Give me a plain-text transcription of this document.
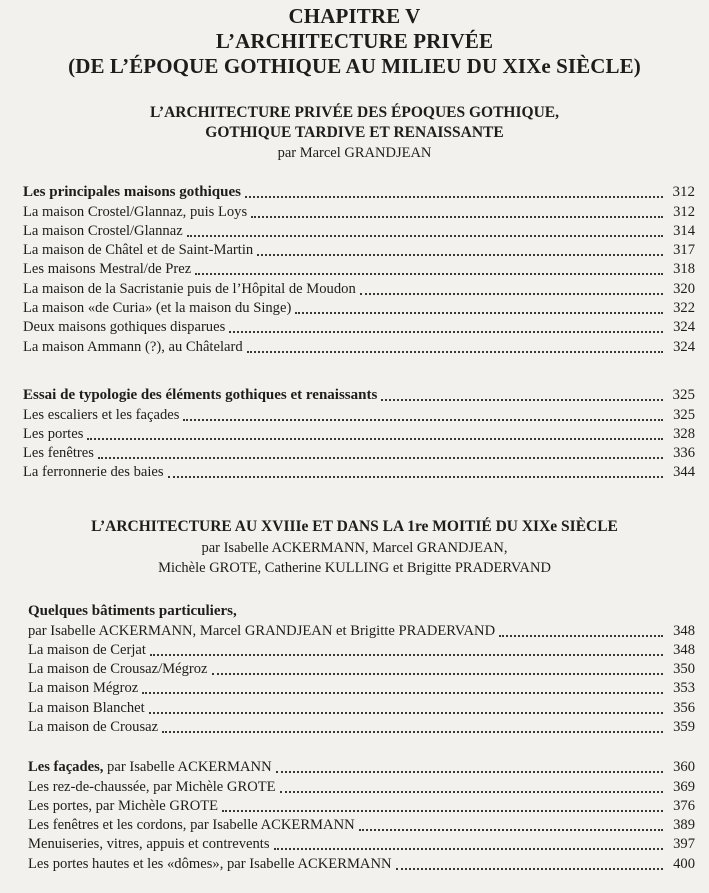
CHAPITRE V
L’ARCHITECTURE PRIVÉE
(DE L’ÉPOQUE GOTHIQUE AU MILIEU DU XIXe SIÈCLE)
L’ARCHITECTURE PRIVÉE DES ÉPOQUES GOTHIQUE,
GOTHIQUE TARDIVE ET RENAISSANTE
par Marcel GRANDJEAN
Les principales maisons gothiques	312
La maison Crostel/Glannaz, puis Loys	312
La maison Crostel/Glannaz	314
La maison de Châtel et de Saint-Martin	317
Les maisons Mestral/de Prez	318
La maison de la Sacristanie puis de l’Hôpital de Moudon	320
La maison «de Curia» (et la maison du Singe)	322
Deux maisons gothiques disparues	324
La maison Ammann (?), au Châtelard	324
Essai de typologie des éléments gothiques et renaissants	325
Les escaliers et les façades	325
Les portes	328
Les fenêtres	336
La ferronnerie des baies	344
L’ARCHITECTURE AU XVIIIe ET DANS LA 1re MOITIÉ DU XIXe SIÈCLE
par Isabelle ACKERMANN, Marcel GRANDJEAN,
Michèle GROTE, Catherine KULLING et Brigitte PRADERVAND
Quelques bâtiments particuliers,
par Isabelle ACKERMANN, Marcel GRANDJEAN et Brigitte PRADERVAND	348
La maison de Cerjat	348
La maison de Crousaz/Mégroz	350
La maison Mégroz	353
La maison Blanchet	356
La maison de Crousaz	359
Les façades, par Isabelle ACKERMANN	360
Les rez-de-chaussée, par Michèle GROTE	369
Les portes, par Michèle GROTE	376
Les fenêtres et les cordons, par Isabelle ACKERMANN	389
Menuiseries, vitres, appuis et contrevents	397
Les portes hautes et les «dômes», par Isabelle ACKERMANN	400
